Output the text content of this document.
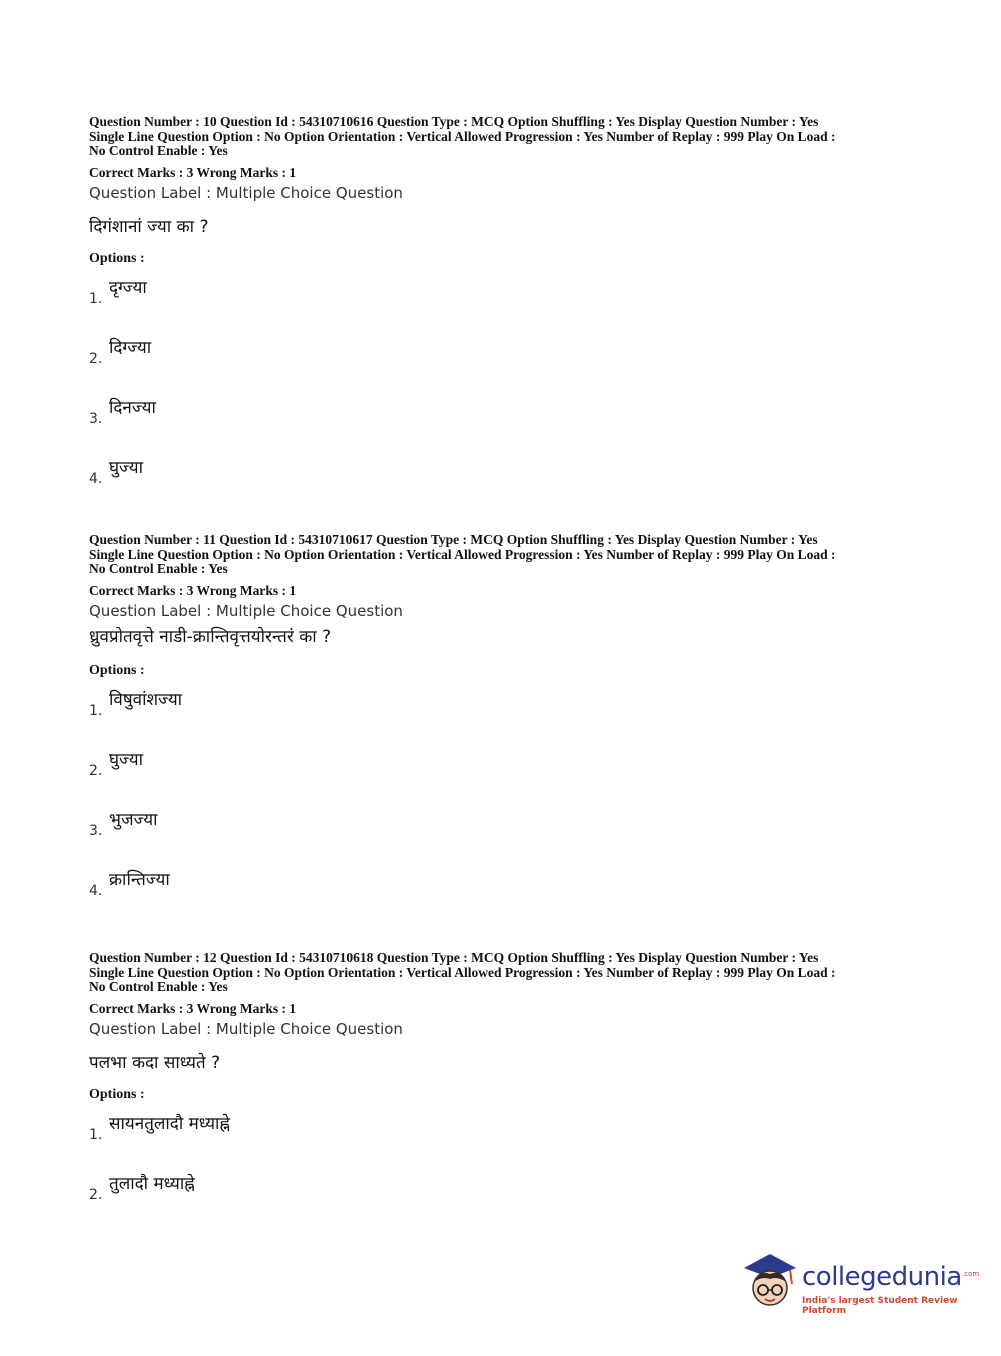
Question Number : 10 Question Id : 54310710616 Question Type : MCQ Option Shuffling : Yes Display Question Number : Yes
Single Line Question Option : No Option Orientation : Vertical Allowed Progression : Yes Number of Replay : 999 Play On Load :
No Control Enable : Yes
Correct Marks : 3 Wrong Marks : 1
Question Label : Multiple Choice Question
दिगंशानां ज्या का ?
Options :
1.
दृग्ज्या
2.
दिग्ज्या
3.
दिनज्या
4.
घुज्या
Question Number : 11 Question Id : 54310710617 Question Type : MCQ Option Shuffling : Yes Display Question Number : Yes
Single Line Question Option : No Option Orientation : Vertical Allowed Progression : Yes Number of Replay : 999 Play On Load :
No Control Enable : Yes
Correct Marks : 3 Wrong Marks : 1
Question Label : Multiple Choice Question
ध्रुवप्रोतवृत्ते नाडी-क्रान्तिवृत्तयोरन्तरं का ?
Options :
1.
विषुवांशज्या
2.
घुज्या
3.
भुजज्या
4.
क्रान्तिज्या
Question Number : 12 Question Id : 54310710618 Question Type : MCQ Option Shuffling : Yes Display Question Number : Yes
Single Line Question Option : No Option Orientation : Vertical Allowed Progression : Yes Number of Replay : 999 Play On Load :
No Control Enable : Yes
Correct Marks : 3 Wrong Marks : 1
Question Label : Multiple Choice Question
पलभा कदा साध्यते ?
Options :
1.
सायनतुलादौ मध्याह्ने
2.
तुलादौ मध्याह्ने
collegedunia .com
India's largest Student Review Platform
